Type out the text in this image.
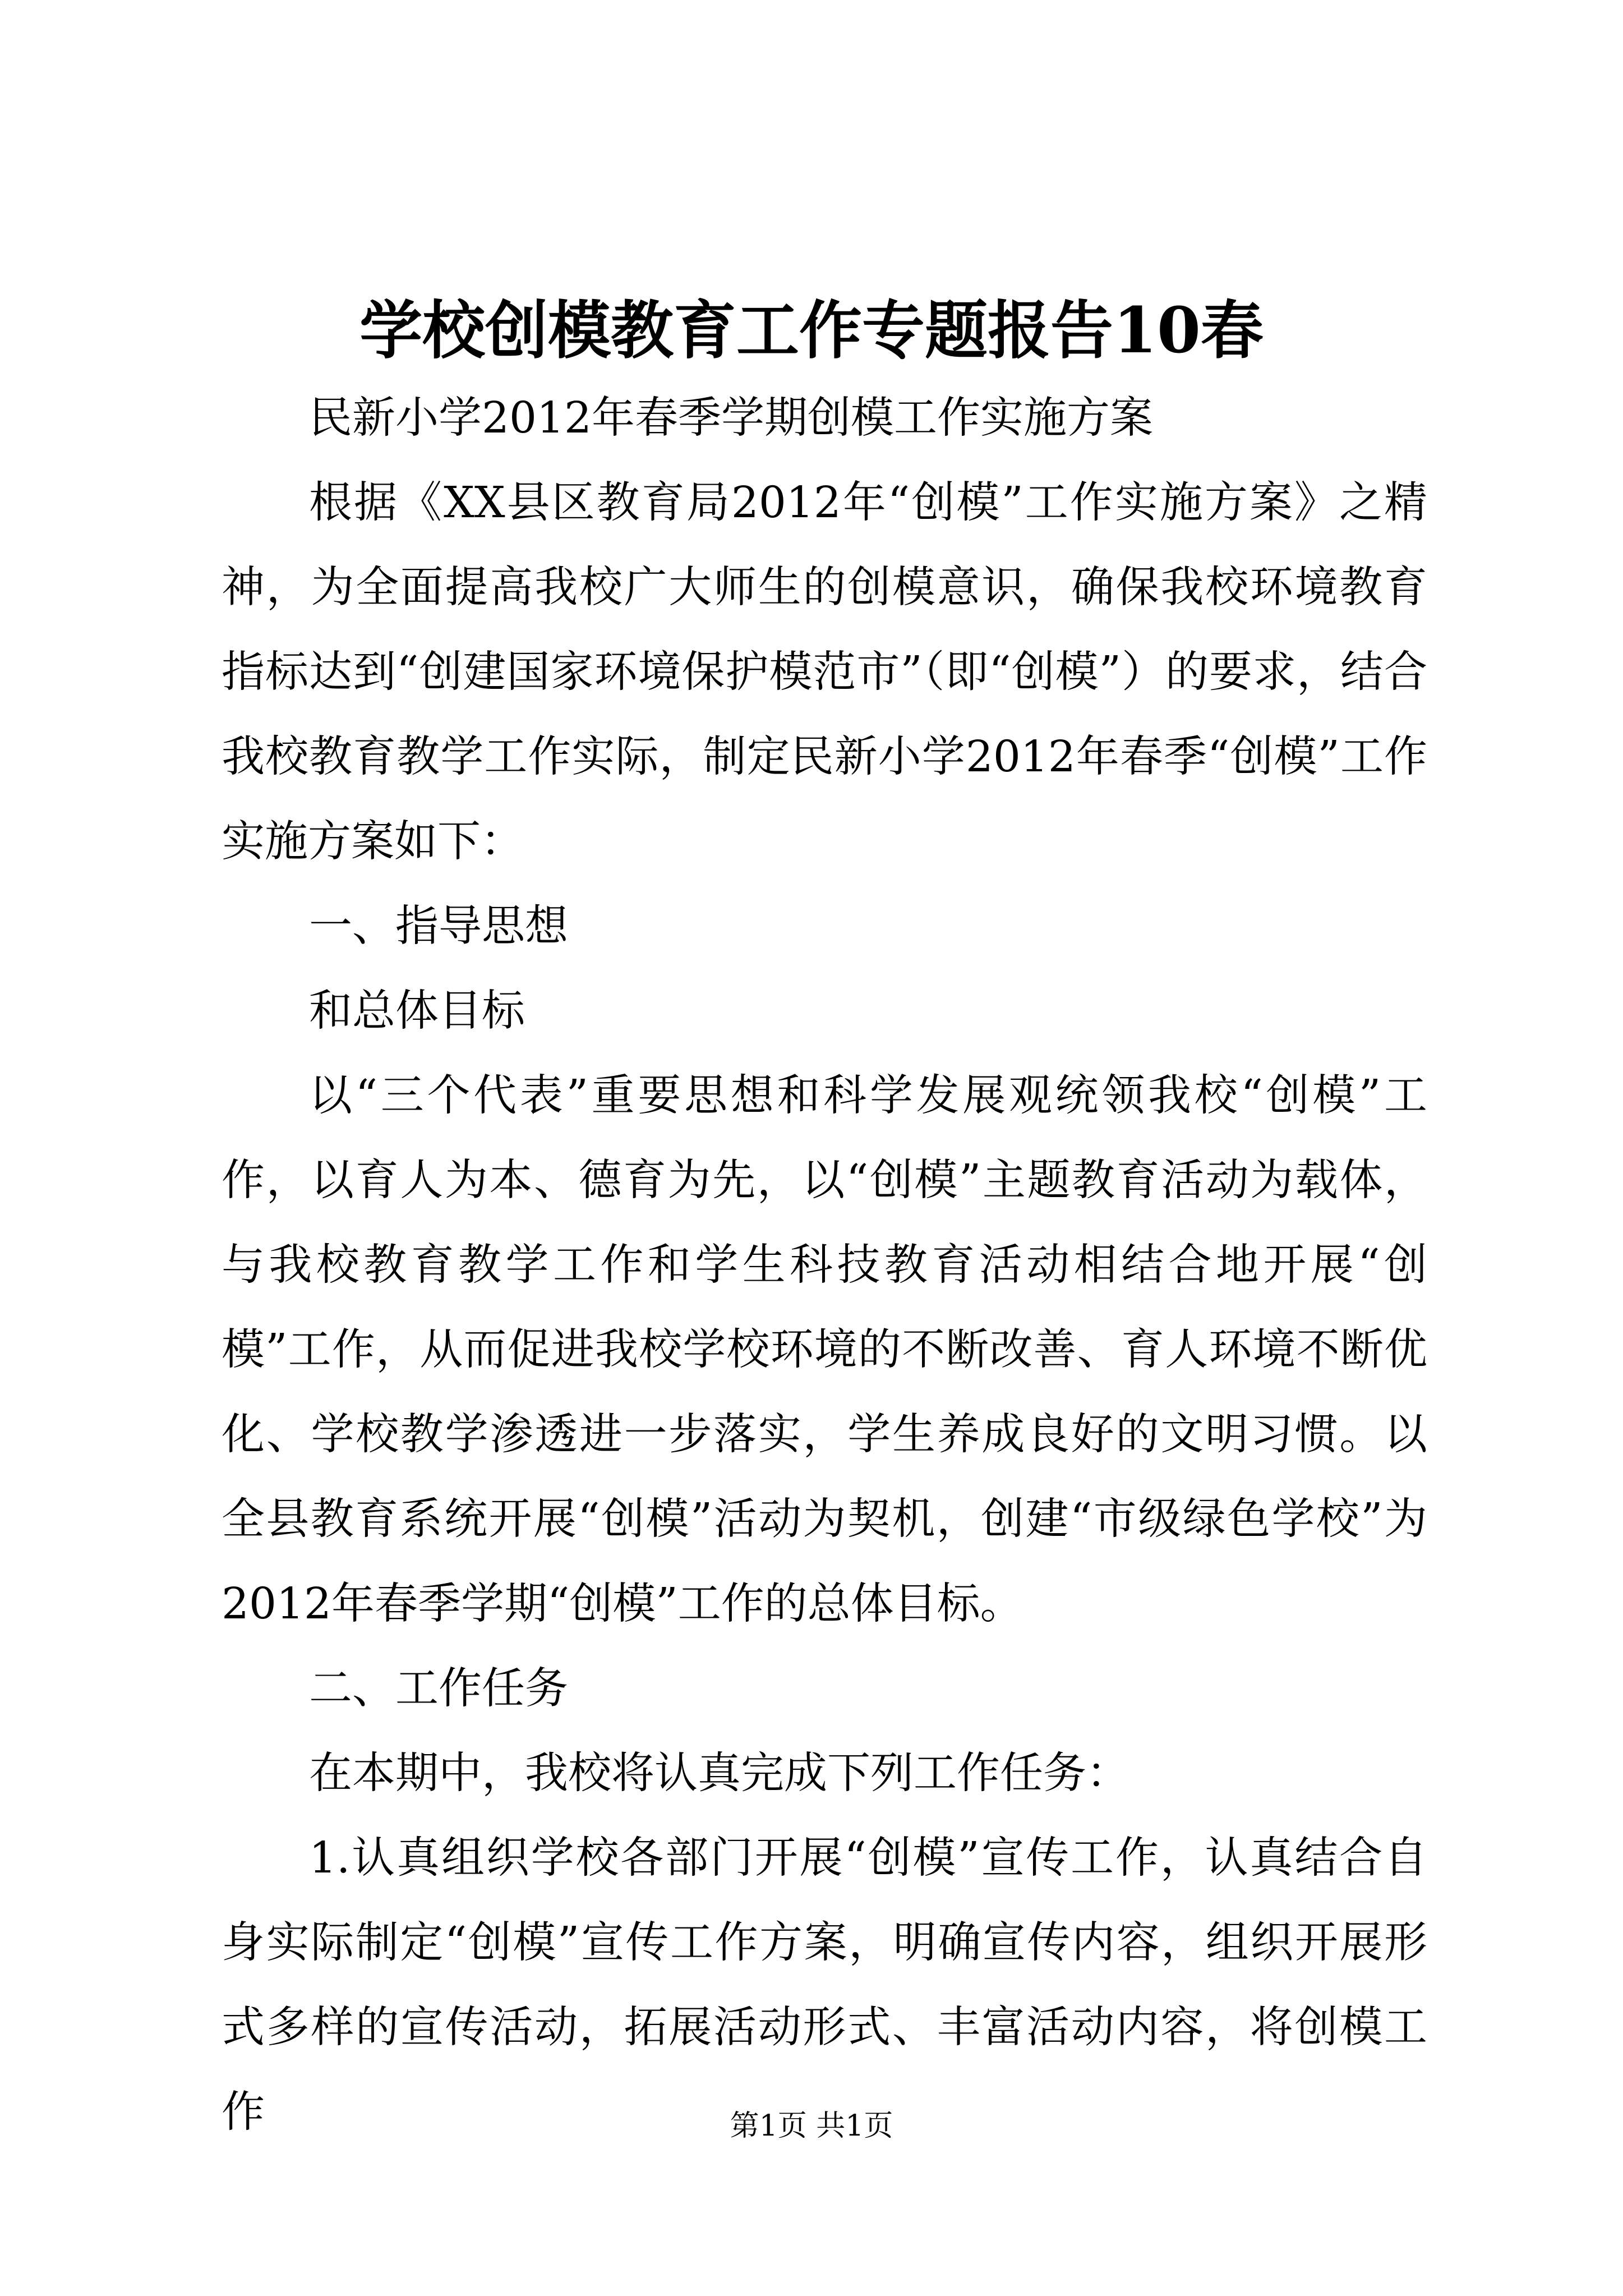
学校创模教育工作专题报告10春

民新小学2012年春季学期创模工作实施方案

根据《XX县区教育局2012年“创模”工作实施方案》之精神，为全面提高我校广大师生的创模意识，确保我校环境教育指标达到“创建国家环境保护模范市”（即“创模”）的要求，结合我校教育教学工作实际，制定民新小学2012年春季“创模”工作实施方案如下：

一、指导思想

和总体目标

以“三个代表”重要思想和科学发展观统领我校“创模”工作，以育人为本、德育为先，以“创模”主题教育活动为载体，与我校教育教学工作和学生科技教育活动相结合地开展“创模”工作，从而促进我校学校环境的不断改善、育人环境不断优化、学校教学渗透进一步落实，学生养成良好的文明习惯。以全县教育系统开展“创模”活动为契机，创建“市级绿色学校”为2012年春季学期“创模”工作的总体目标。

二、工作任务

在本期中，我校将认真完成下列工作任务：

1.认真组织学校各部门开展“创模”宣传工作，认真结合自身实际制定“创模”宣传工作方案，明确宣传内容，组织开展形式多样的宣传活动，拓展活动形式、丰富活动内容，将创模工作	第1页 共1页
